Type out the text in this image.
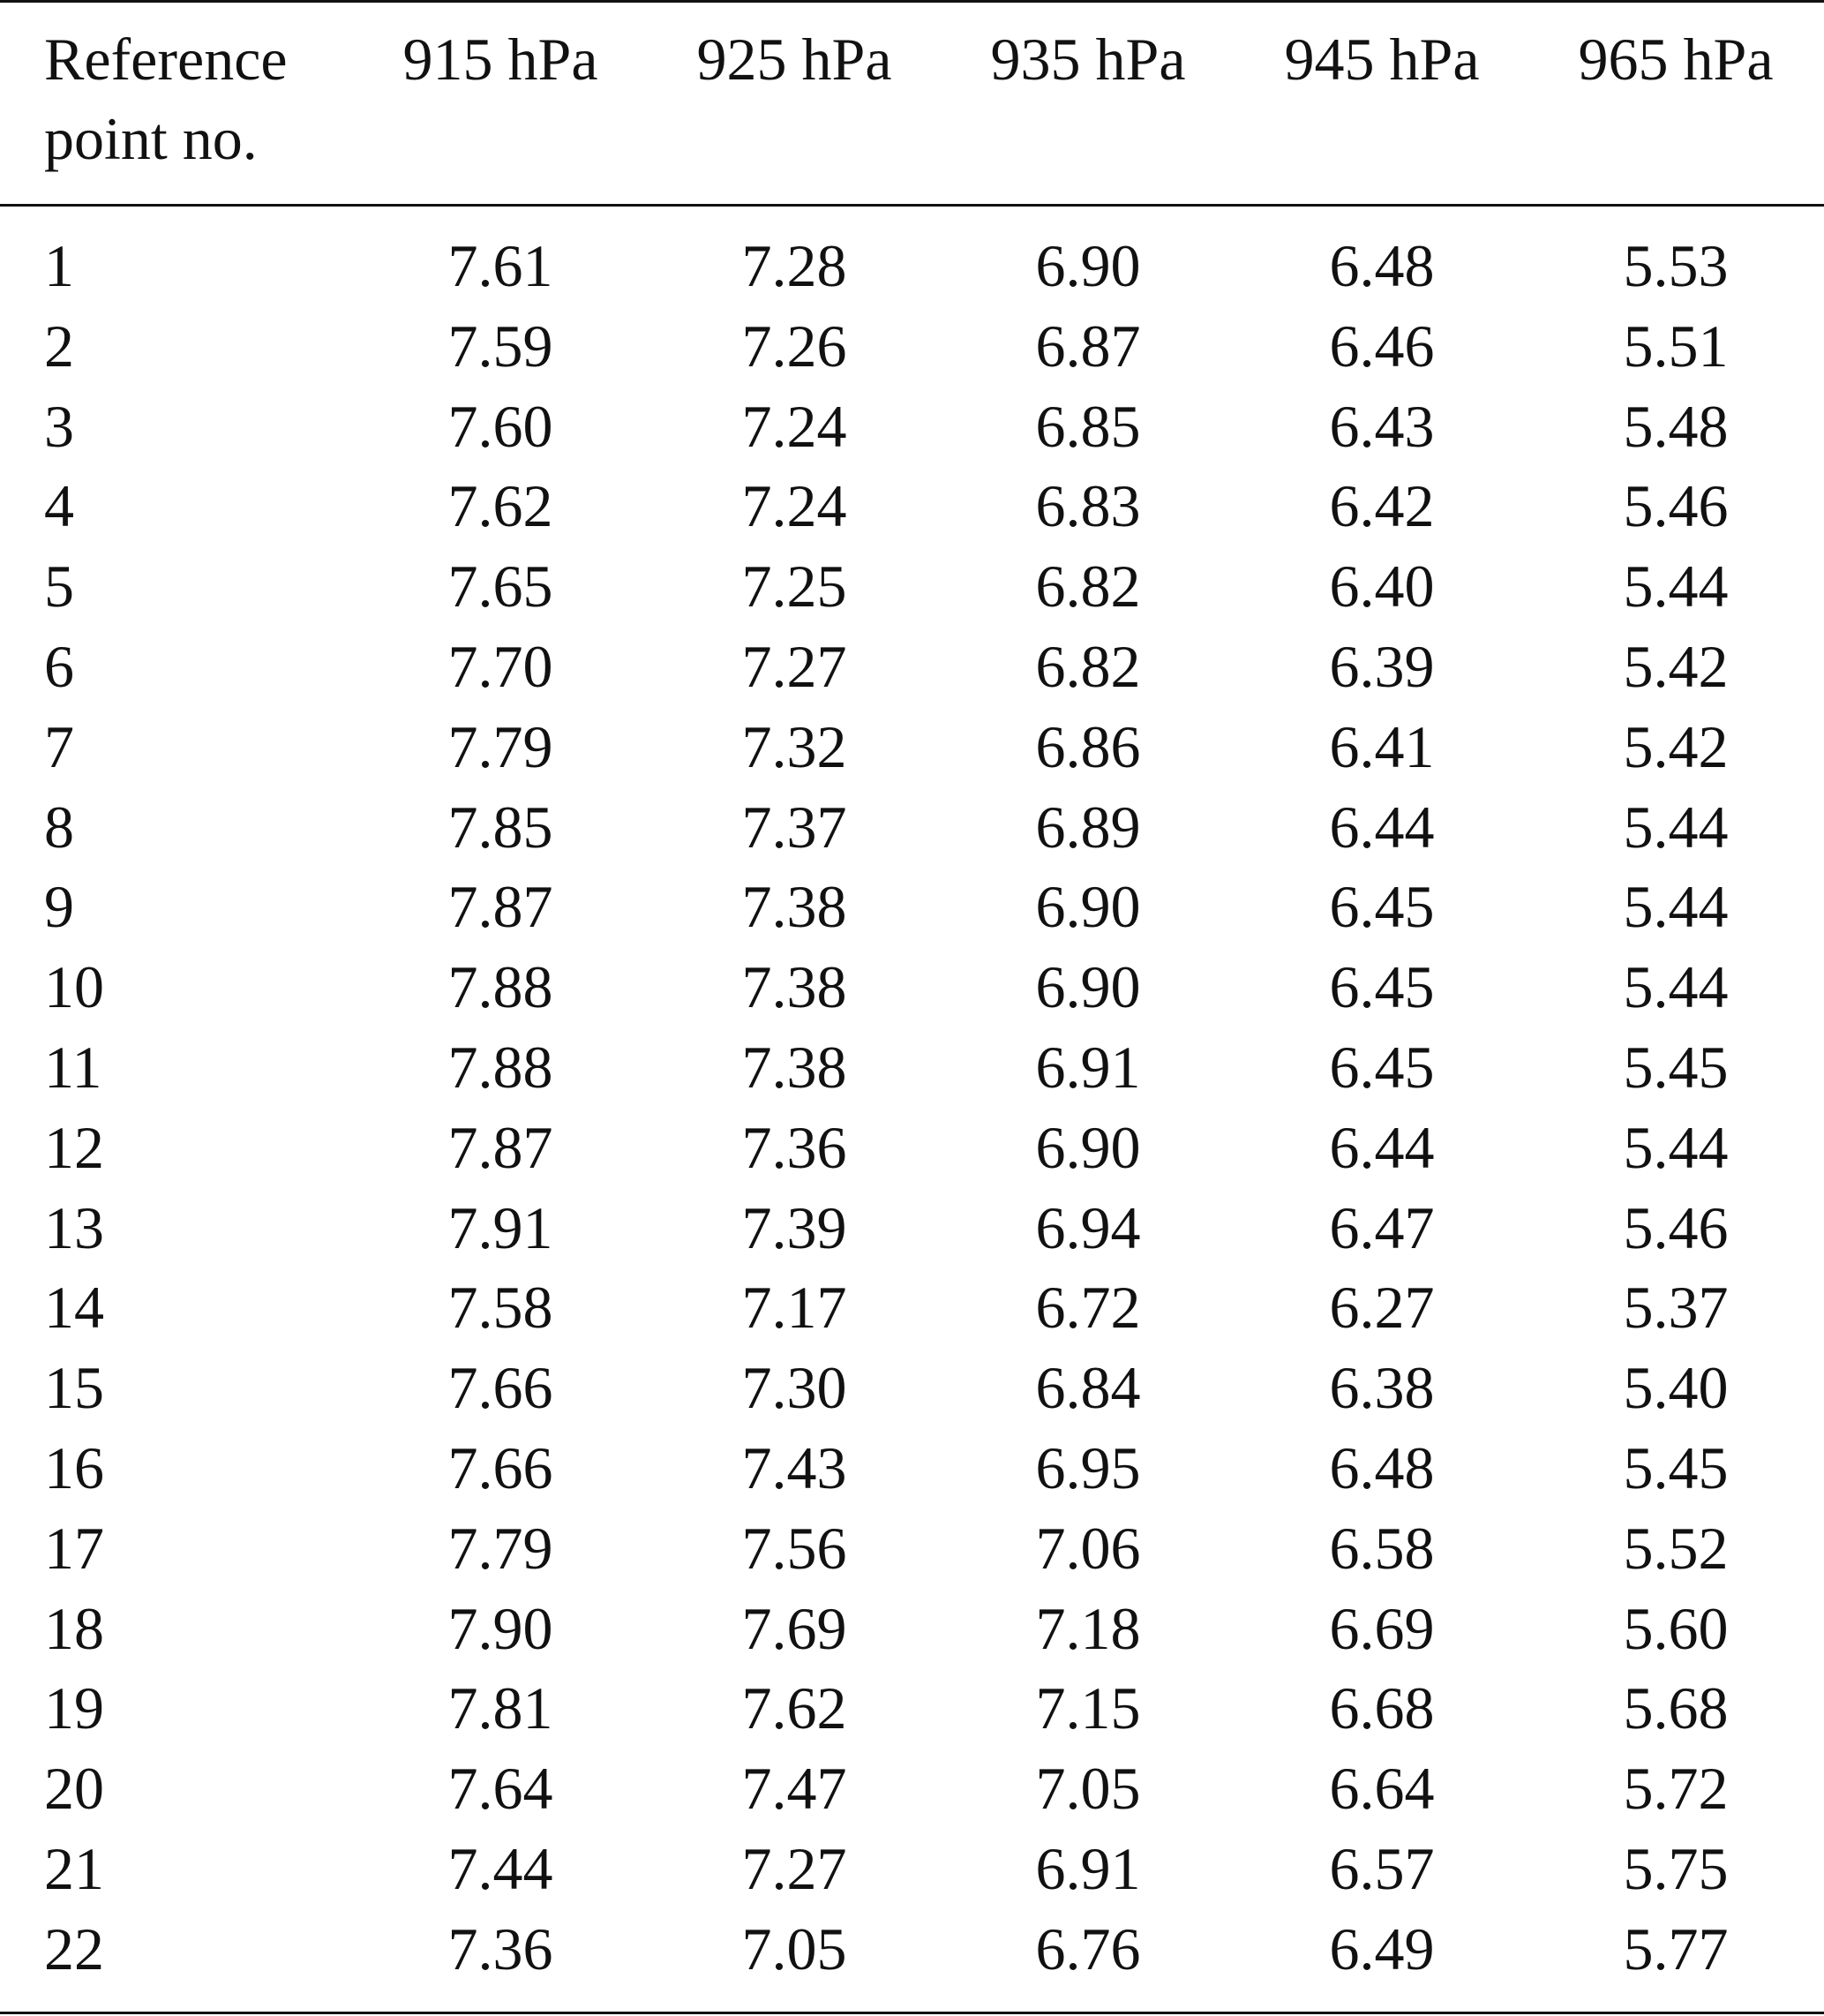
Reference
point no.
915 hPa	925 hPa	935 hPa	945 hPa	965 hPa
1	7.61	7.28	6.90	6.48	5.53
2	7.59	7.26	6.87	6.46	5.51
3	7.60	7.24	6.85	6.43	5.48
4	7.62	7.24	6.83	6.42	5.46
5	7.65	7.25	6.82	6.40	5.44
6	7.70	7.27	6.82	6.39	5.42
7	7.79	7.32	6.86	6.41	5.42
8	7.85	7.37	6.89	6.44	5.44
9	7.87	7.38	6.90	6.45	5.44
10	7.88	7.38	6.90	6.45	5.44
11	7.88	7.38	6.91	6.45	5.45
12	7.87	7.36	6.90	6.44	5.44
13	7.91	7.39	6.94	6.47	5.46
14	7.58	7.17	6.72	6.27	5.37
15	7.66	7.30	6.84	6.38	5.40
16	7.66	7.43	6.95	6.48	5.45
17	7.79	7.56	7.06	6.58	5.52
18	7.90	7.69	7.18	6.69	5.60
19	7.81	7.62	7.15	6.68	5.68
20	7.64	7.47	7.05	6.64	5.72
21	7.44	7.27	6.91	6.57	5.75
22	7.36	7.05	6.76	6.49	5.77
